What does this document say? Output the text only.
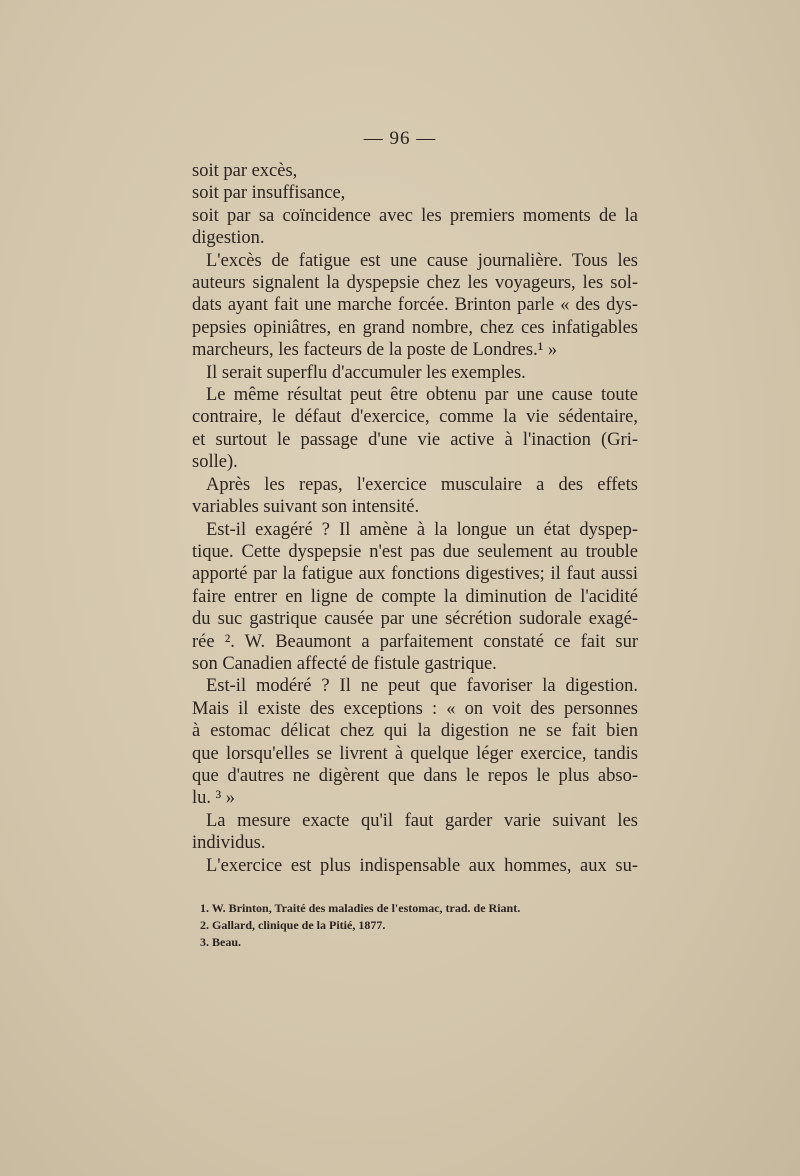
— 96 —
soit par excès,
soit par insuffisance,
soit par sa coïncidence avec les premiers moments de la
digestion.
L'excès de fatigue est une cause journalière. Tous les
auteurs signalent la dyspepsie chez les voyageurs, les sol-
dats ayant fait une marche forcée. Brinton parle « des dys-
pepsies opiniâtres, en grand nombre, chez ces infatigables
marcheurs, les facteurs de la poste de Londres.¹ »
Il serait superflu d'accumuler les exemples.
Le même résultat peut être obtenu par une cause toute
contraire, le défaut d'exercice, comme la vie sédentaire,
et surtout le passage d'une vie active à l'inaction (Gri-
solle).
Après les repas, l'exercice musculaire a des effets
variables suivant son intensité.
Est-il exagéré ? Il amène à la longue un état dyspep-
tique. Cette dyspepsie n'est pas due seulement au trouble
apporté par la fatigue aux fonctions digestives; il faut aussi
faire entrer en ligne de compte la diminution de l'acidité
du suc gastrique causée par une sécrétion sudorale exagé-
rée ². W. Beaumont a parfaitement constaté ce fait sur
son Canadien affecté de fistule gastrique.
Est-il modéré ? Il ne peut que favoriser la digestion.
Mais il existe des exceptions : « on voit des personnes
à estomac délicat chez qui la digestion ne se fait bien
que lorsqu'elles se livrent à quelque léger exercice, tandis
que d'autres ne digèrent que dans le repos le plus abso-
lu. ³ »
La mesure exacte qu'il faut garder varie suivant les
individus.
L'exercice est plus indispensable aux hommes, aux su-
1. W. Brinton, Traité des maladies de l'estomac, trad. de Riant.
2. Gallard, clinique de la Pitié, 1877.
3. Beau.
